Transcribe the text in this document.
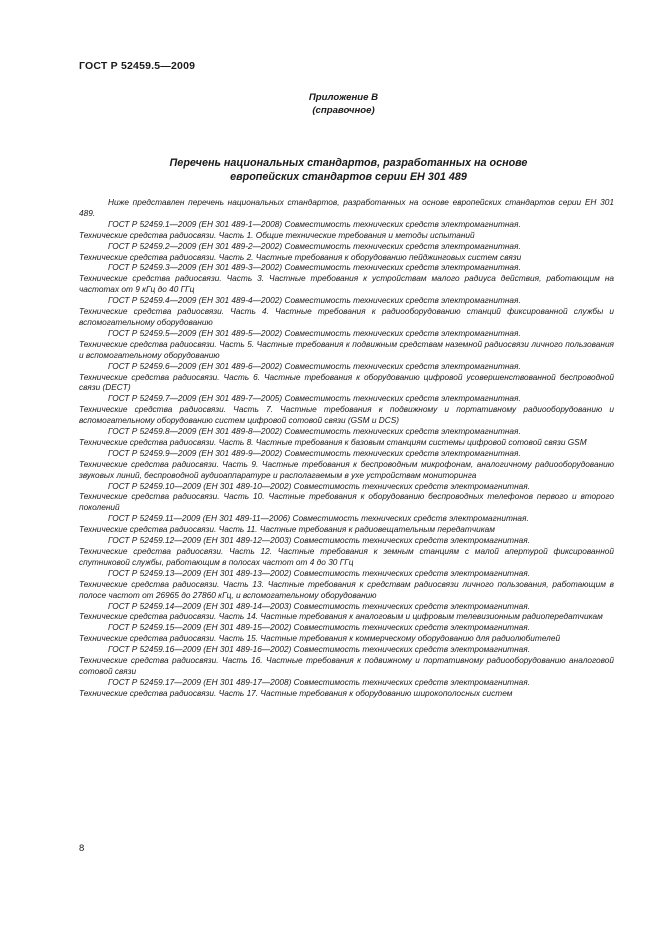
ГОСТ Р 52459.5—2009
Приложение В
(справочное)
Перечень национальных стандартов, разработанных на основе
европейских стандартов серии ЕН 301 489

Ниже представлен перечень национальных стандартов, разработанных на основе европейских стандартов серии ЕН 301 489.

ГОСТ Р 52459.1—2009 (ЕН 301 489-1—2008) Совместимость технических средств электромагнитная.

Технические средства радиосвязи. Часть 1. Общие технические требования и методы испытаний

ГОСТ Р 52459.2—2009 (ЕН 301 489-2—2002) Совместимость технических средств электромагнитная.

Технические средства радиосвязи. Часть 2. Частные требования к оборудованию пейджинговых систем связи

ГОСТ Р 52459.3—2009 (ЕН 301 489-3—2002) Совместимость технических средств электромагнитная.

Технические средства радиосвязи. Часть 3. Частные требования к устройствам малого радиуса действия, работающим на частотах от 9 кГц до 40 ГГц

ГОСТ Р 52459.4—2009 (ЕН 301 489-4—2002) Совместимость технических средств электромагнитная.

Технические средства радиосвязи. Часть 4. Частные требования к радиооборудованию станций фиксированной службы и вспомогательному оборудованию

ГОСТ Р 52459.5—2009 (ЕН 301 489-5—2002) Совместимость технических средств электромагнитная.

Технические средства радиосвязи. Часть 5. Частные требования к подвижным средствам наземной радиосвязи личного пользования и вспомогательному оборудованию

ГОСТ Р 52459.6—2009 (ЕН 301 489-6—2002) Совместимость технических средств электромагнитная.

Технические средства радиосвязи. Часть 6. Частные требования к оборудованию цифровой усовершенствованной беспроводной связи (DECT)

ГОСТ Р 52459.7—2009 (ЕН 301 489-7—2005) Совместимость технических средств электромагнитная.

Технические средства радиосвязи. Часть 7. Частные требования к подвижному и портативному радиооборудованию и вспомогательному оборудованию систем цифровой сотовой связи (GSM и DCS)

ГОСТ Р 52459.8—2009 (ЕН 301 489-8—2002) Совместимость технических средств электромагнитная.

Технические средства радиосвязи. Часть 8. Частные требования к базовым станциям системы цифровой сотовой связи GSM

ГОСТ Р 52459.9—2009 (ЕН 301 489-9—2002) Совместимость технических средств электромагнитная.

Технические средства радиосвязи. Часть 9. Частные требования к беспроводным микрофонам, аналогичному радиооборудованию звуковых линий, беспроводной аудиоаппаратуре и располагаемым в ухе устройствам мониторинга

ГОСТ Р 52459.10—2009 (ЕН 301 489-10—2002) Совместимость технических средств электромагнитная.

Технические средства радиосвязи. Часть 10. Частные требования к оборудованию беспроводных телефонов первого и второго поколений

ГОСТ Р 52459.11—2009 (ЕН 301 489-11—2006) Совместимость технических средств электромагнитная.

Технические средства радиосвязи. Часть 11. Частные требования к радиовещательным передатчикам

ГОСТ Р 52459.12—2009 (ЕН 301 489-12—2003) Совместимость технических средств электромагнитная.

Технические средства радиосвязи. Часть 12. Частные требования к земным станциям с малой апертурой фиксированной спутниковой службы, работающим в полосах частот от 4 до 30 ГГц

ГОСТ Р 52459.13—2009 (ЕН 301 489-13—2002) Совместимость технических средств электромагнитная.

Технические средства радиосвязи. Часть 13. Частные требования к средствам радиосвязи личного пользования, работающим в полосе частот от 26965 до 27860 кГц, и вспомогательному оборудованию

ГОСТ Р 52459.14—2009 (ЕН 301 489-14—2003) Совместимость технических средств электромагнитная.

Технические средства радиосвязи. Часть 14. Частные требования к аналоговым и цифровым телевизионным радиопередатчикам

ГОСТ Р 52459.15—2009 (ЕН 301 489-15—2002) Совместимость технических средств электромагнитная.

Технические средства радиосвязи. Часть 15. Частные требования к коммерческому оборудованию для радиолюбителей

ГОСТ Р 52459.16—2009 (ЕН 301 489-16—2002) Совместимость технических средств электромагнитная.

Технические средства радиосвязи. Часть 16. Частные требования к подвижному и портативному радиооборудованию аналоговой сотовой связи

ГОСТ Р 52459.17—2009 (ЕН 301 489-17—2008) Совместимость технических средств электромагнитная.

Технические средства радиосвязи. Часть 17. Частные требования к оборудованию широкополосных систем

8
